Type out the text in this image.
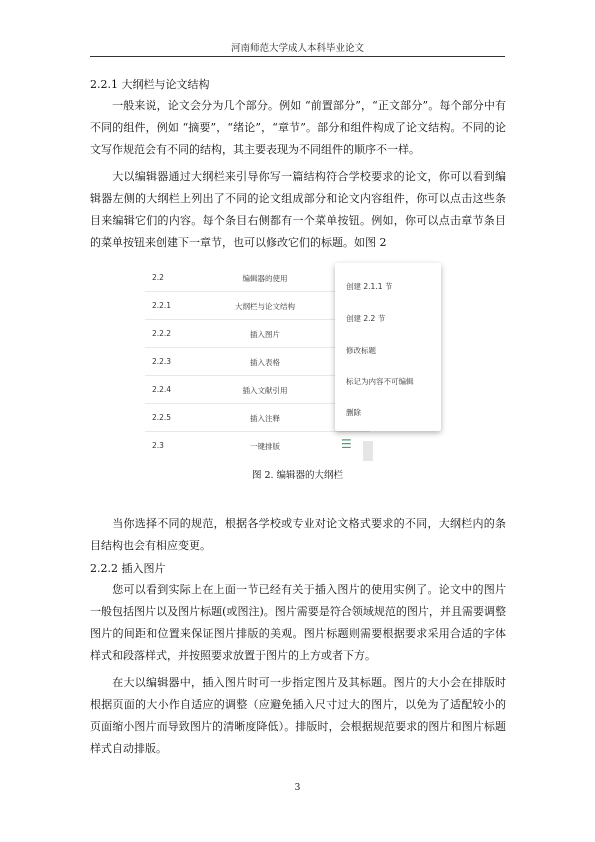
河南师范大学成人本科毕业论文
2.2.1 大纲栏与论文结构
一般来说，论文会分为几个部分。例如 “前置部分”，“正文部分”。每个部分中有不同的组件，例如 “摘要”，“绪论”，“章节”。部分和组件构成了论文结构。不同的论文写作规范会有不同的结构，其主要表现为不同组件的顺序不一样。
大以编辑器通过大纲栏来引导你写一篇结构符合学校要求的论文，你可以看到编辑器左侧的大纲栏上列出了不同的论文组成部分和论文内容组件，你可以点击这些条目来编辑它们的内容。每个条目右侧都有一个菜单按钮。例如，你可以点击章节条目的菜单按钮来创建下一章节，也可以修改它们的标题。如图 2
2.2	编辑器的使用
2.2.1	大纲栏与论文结构
2.2.2	插入图片
2.2.3	插入表格
2.2.4	插入文献引用
2.2.5	插入注释
2.3	一键排版	☰
创建 2.1.1 节
创建 2.2 节
修改标题
标记为内容不可编辑
删除
图 2. 编辑器的大纲栏
当你选择不同的规范，根据各学校或专业对论文格式要求的不同，大纲栏内的条目结构也会有相应变更。
2.2.2 插入图片
您可以看到实际上在上面一节已经有关于插入图片的使用实例了。论文中的图片一般包括图片以及图片标题(或图注)。图片需要是符合领域规范的图片，并且需要调整图片的间距和位置来保证图片排版的美观。图片标题则需要根据要求采用合适的字体样式和段落样式，并按照要求放置于图片的上方或者下方。
在大以编辑器中，插入图片时可一步指定图片及其标题。图片的大小会在排版时根据页面的大小作自适应的调整（应避免插入尺寸过大的图片，以免为了适配较小的页面缩小图片而导致图片的清晰度降低）。排版时，会根据规范要求的图片和图片标题样式自动排版。
3
